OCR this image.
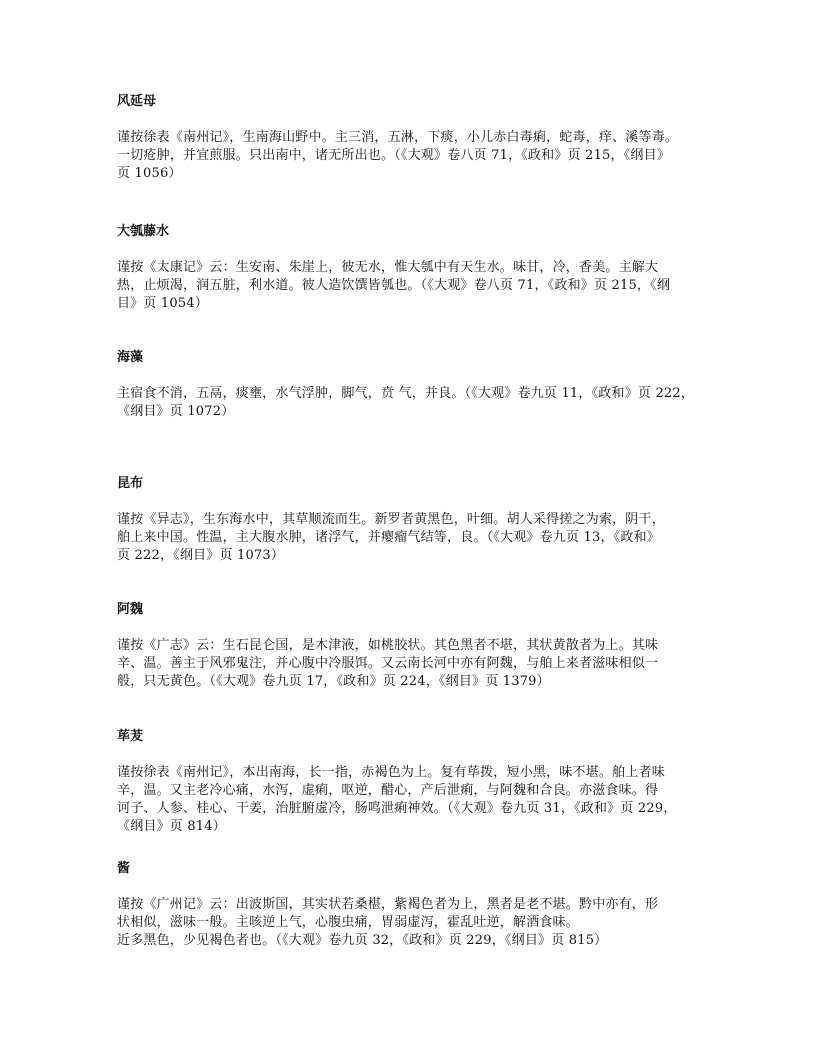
风延母

谨按徐表《南州记》，生南海山野中。主三消，五淋，下痰，小儿赤白毒痢，蛇毒，痒、溪等毒。
一切疮肿，并宜煎服。只出南中，诸无所出也。（《大观》卷八页 71，《政和》页 215，《纲目》
页 1056）

大瓠藤水

谨按《太康记》云：生安南、朱崖上，彼无水，惟大瓠中有天生水。味甘，冷，香美。主解大
热，止烦渴，润五脏，利水道。彼人造饮馔皆瓠也。（《大观》卷八页 71，《政和》页 215，《纲
目》页 1054）

海藻

主宿食不消，五鬲，痰壅，水气浮肿，脚气，贲 气，并良。（《大观》卷九页 11，《政和》页 222，
《纲目》页 1072）

昆布

谨按《异志》，生东海水中，其草顺流而生。新罗者黄黑色，叶细。胡人采得搓之为索，阴干，
舶上来中国。性温，主大腹水肿，诸浮气，并瘿瘤气结等，良。（《大观》卷九页 13，《政和》
页 222，《纲目》页 1073）

阿魏

谨按《广志》云：生石昆仑国，是木津液，如桃胶状。其色黑者不堪，其状黄散者为上。其味
辛、温。善主于风邪鬼注，并心腹中冷服饵。又云南长河中亦有阿魏，与舶上来者滋味相似一
般，只无黄色。（《大观》卷九页 17，《政和》页 224，《纲目》页 1379）

荜茇

谨按徐表《南州记》，本出南海，长一指，赤褐色为上。复有荜拨，短小黑，味不堪。舶上者味
辛，温。又主老冷心痛，水泻，虚痢，呕逆，醋心，产后泄痢，与阿魏和合良。亦滋食味。得
诃子、人参、桂心、干姜，治脏腑虚冷，肠鸣泄痢神效。（《大观》卷九页 31，《政和》页 229，
《纲目》页 814）

酱

谨按《广州记》云：出波斯国，其实状若桑椹，紫褐色者为上，黑者是老不堪。黔中亦有，形
状相似，滋味一般。主咳逆上气，心腹虫痛，胃弱虚泻，霍乱吐逆，解酒食味。
近多黑色，少见褐色者也。（《大观》卷九页 32，《政和》页 229，《纲目》页 815）
